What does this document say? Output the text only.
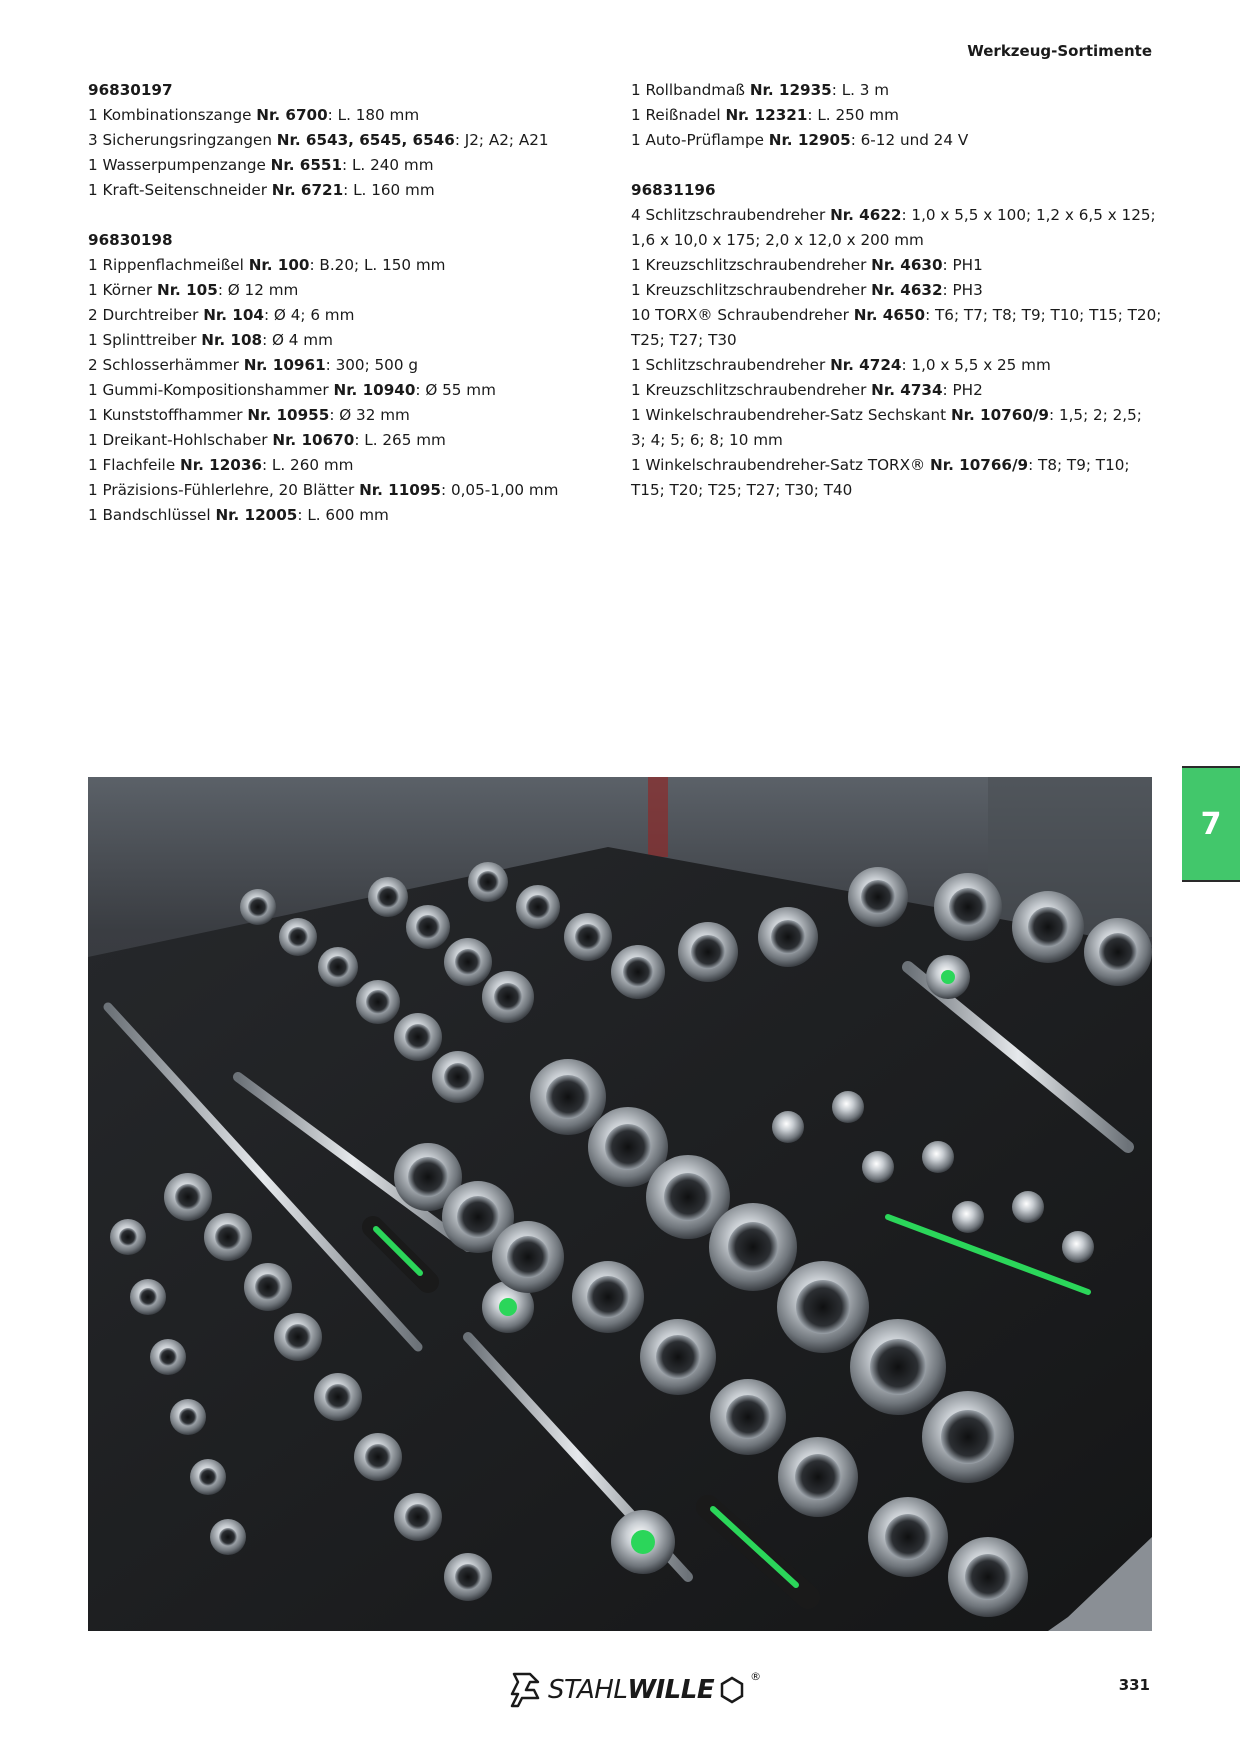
Werkzeug-Sortimente
96830197
1 Kombinationszange Nr. 6700: L. 180 mm
3 Sicherungsringzangen Nr. 6543, 6545, 6546: J2; A2; A21
1 Wasserpumpenzange Nr. 6551: L. 240 mm
1 Kraft-Seitenschneider Nr. 6721: L. 160 mm
96830198
1 Rippenflachmeißel Nr. 100: B.20; L. 150 mm
1 Körner Nr. 105: Ø 12 mm
2 Durchtreiber Nr. 104: Ø 4; 6 mm
1 Splinttreiber Nr. 108: Ø 4 mm
2 Schlosserhämmer Nr. 10961: 300; 500 g
1 Gummi-Kompositionshammer Nr. 10940: Ø 55 mm
1 Kunststoffhammer Nr. 10955: Ø 32 mm
1 Dreikant-Hohlschaber Nr. 10670: L. 265 mm
1 Flachfeile Nr. 12036: L. 260 mm
1 Präzisions-Fühlerlehre, 20 Blätter Nr. 11095: 0,05-1,00 mm
1 Bandschlüssel Nr. 12005: L. 600 mm
1 Rollbandmaß Nr. 12935: L. 3 m
1 Reißnadel Nr. 12321: L. 250 mm
1 Auto-Prüflampe Nr. 12905: 6-12 und 24 V
96831196
4 Schlitzschraubendreher Nr. 4622: 1,0 x 5,5 x 100; 1,2 x 6,5 x 125;
1,6 x 10,0 x 175; 2,0 x 12,0 x 200 mm
1 Kreuzschlitzschraubendreher Nr. 4630: PH1
1 Kreuzschlitzschraubendreher Nr. 4632: PH3
10 TORX® Schraubendreher Nr. 4650: T6; T7; T8; T9; T10; T15; T20;
T25; T27; T30
1 Schlitzschraubendreher Nr. 4724: 1,0 x 5,5 x 25 mm
1 Kreuzschlitzschraubendreher Nr. 4734: PH2
1 Winkelschraubendreher-Satz Sechskant Nr. 10760/9: 1,5; 2; 2,5;
3; 4; 5; 6; 8; 10 mm
1 Winkelschraubendreher-Satz TORX® Nr. 10766/9: T8; T9; T10;
T15; T20; T25; T27; T30; T40
7
STAHLWILLE	®	331
